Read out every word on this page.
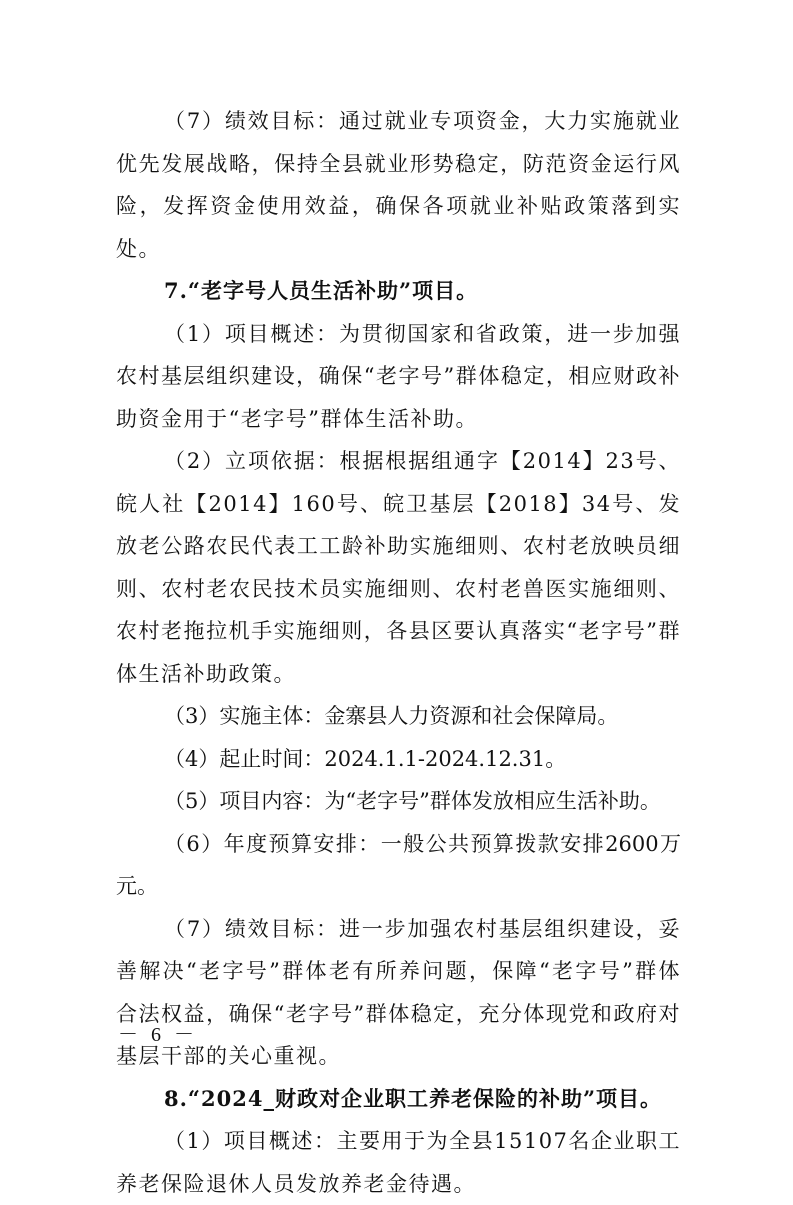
（7）绩效目标：通过就业专项资金，大力实施就业优先发展战略，保持全县就业形势稳定，防范资金运行风险，发挥资金使用效益，确保各项就业补贴政策落到实处。

7.“老字号人员生活补助”项目。

（1）项目概述：为贯彻国家和省政策，进一步加强农村基层组织建设，确保“老字号”群体稳定，相应财政补助资金用于“老字号”群体生活补助。

（2）立项依据：根据根据组通字【2014】23号、皖人社【2014】160号、皖卫基层【2018】34号、发放老公路农民代表工工龄补助实施细则、农村老放映员细则、农村老农民技术员实施细则、农村老兽医实施细则、农村老拖拉机手实施细则，各县区要认真落实“老字号”群体生活补助政策。

（3）实施主体：金寨县人力资源和社会保障局。

（4）起止时间：2024.1.1-2024.12.31。

（5）项目内容：为“老字号”群体发放相应生活补助。

（6）年度预算安排：一般公共预算拨款安排2600万元。

（7）绩效目标：进一步加强农村基层组织建设，妥善解决“老字号”群体老有所养问题，保障“老字号”群体合法权益，确保“老字号”群体稳定，充分体现党和政府对基层干部的关心重视。

8.“2024_财政对企业职工养老保险的补助”项目。

（1）项目概述：主要用于为全县15107名企业职工养老保险退休人员发放养老金待遇。

－ 6 －
